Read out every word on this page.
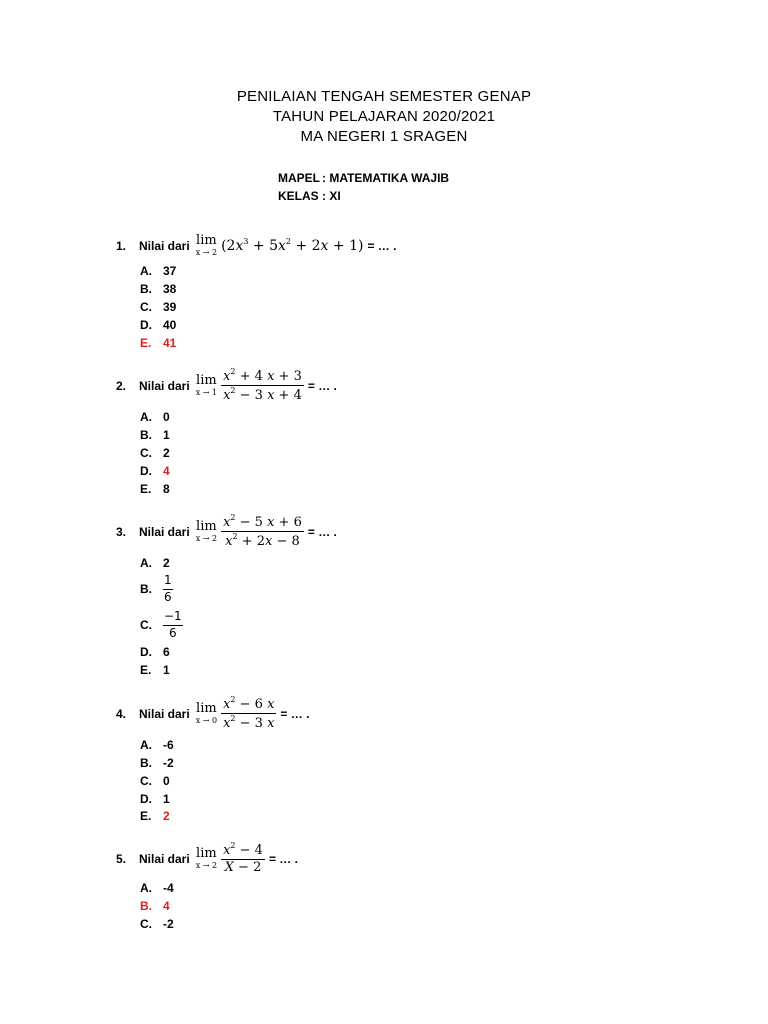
PENILAIAN TENGAH SEMESTER GENAP
TAHUN PELAJARAN 2020/2021
MA NEGERI 1 SRAGEN
MAPEL : MATEMATIKA WAJIB
KELAS : XI
1.	Nilai dari lim
x → 2 $(2x^3 + 5x^2 + 2x + 1)$ = … .
A. 37
B. 38
C. 39
D. 40
E. 41
2.	Nilai dari lim
$x \to 1 \frac{x^2 + 4 x + 3}{x^2 - 3 x + 4}$ = … .
A. 0
B. 1
C. 2
D. 4
E. 8
3.	Nilai dari lim
$x \to 2 \frac{x^2 - 5 x + 6}{x^2 + 2x - 8}$ = … .
A. 2
B.
1
6
C.
−1
6
D. 6
E. 1
4.	Nilai dari lim
$x \to 0 \frac{x^2 - 6 x}{x^2 - 3 x}$ = … .
A. -6
B. -2
C. 0
D. 1
E. 2
5.	Nilai dari lim
$x \to 2 \frac{x^2 - 4}{X - 2}$ = … .
A. -4
B. 4
C. -2
